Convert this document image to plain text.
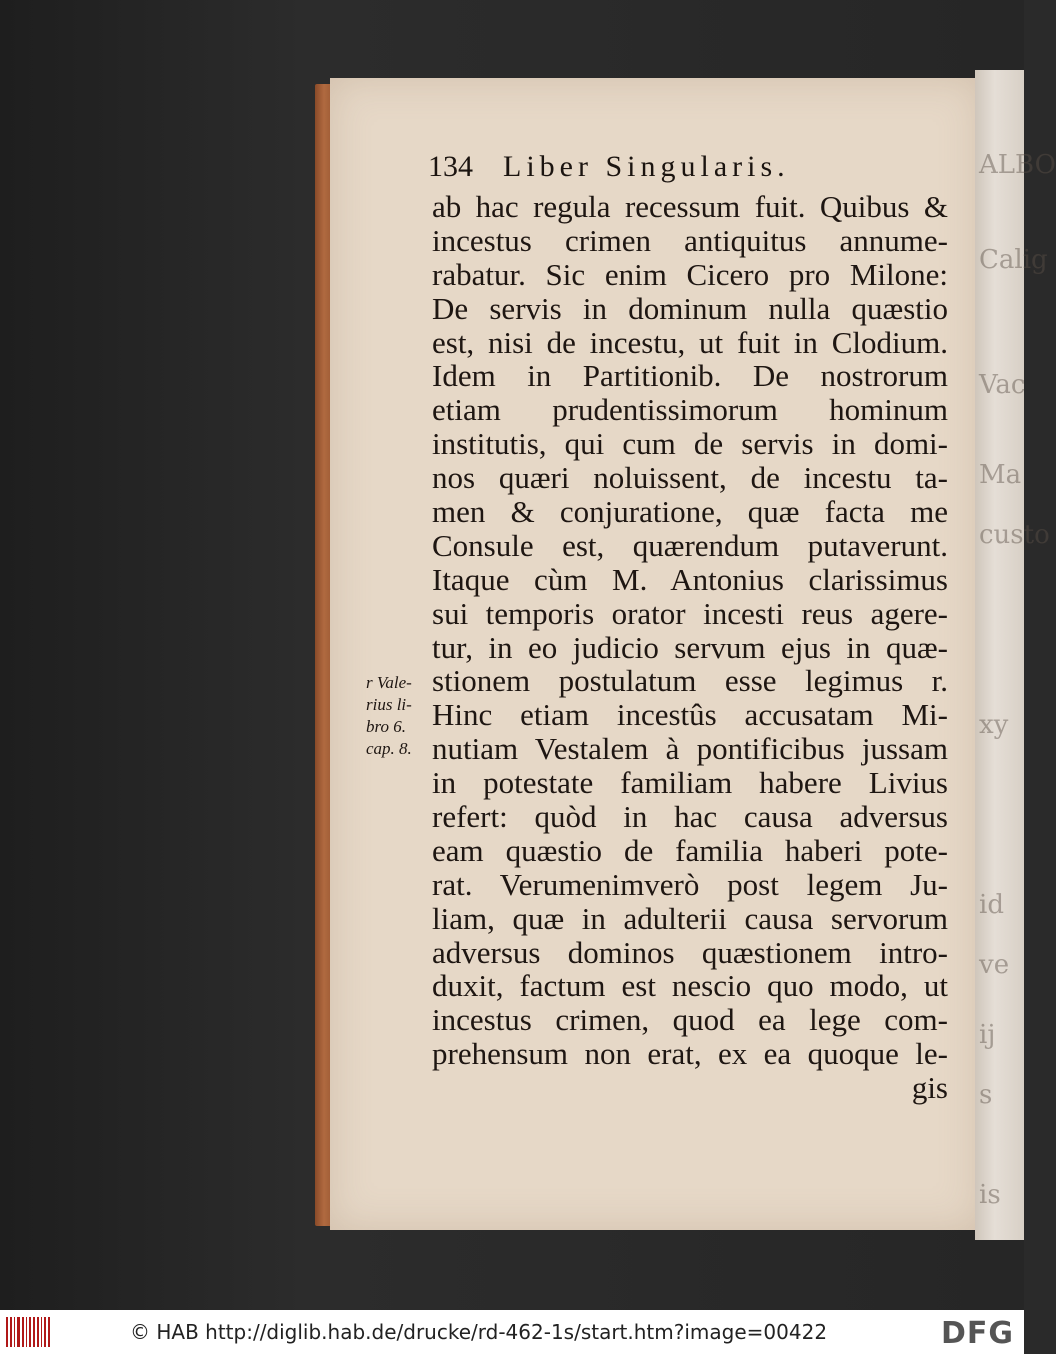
ALBO
Calig
Vac
Ma
custo
xy
id
ve
ij
s
is
134 Liber Singularis.
r Vale-
rius li-
bro 6.
cap. 8.
ab hac regula recessum fuit. Quibus &
incestus crimen antiquitus annume-
rabatur. Sic enim Cicero pro Milone:
De servis in dominum nulla quæstio
est, nisi de incestu, ut fuit in Clodium.
Idem in Partitionib. De nostrorum
etiam prudentissimorum hominum
institutis, qui cum de servis in domi-
nos quæri noluissent, de incestu ta-
men & conjuratione, quæ facta me
Consule est, quærendum putaverunt.
Itaque cùm M. Antonius clarissimus
sui temporis orator incesti reus agere-
tur, in eo judicio servum ejus in quæ-
stionem postulatum esse legimus r.
Hinc etiam incestûs accusatam Mi-
nutiam Vestalem à pontificibus jussam
in potestate familiam habere Livius
refert: quòd in hac causa adversus
eam quæstio de familia haberi pote-
rat. Verumenimverò post legem Ju-
liam, quæ in adulterii causa servorum
adversus dominos quæstionem intro-
duxit, factum est nescio quo modo, ut
incestus crimen, quod ea lege com-
prehensum non erat, ex ea quoque le-
gis
© HAB http://diglib.hab.de/drucke/rd-462-1s/start.htm?image=00422	DFG
